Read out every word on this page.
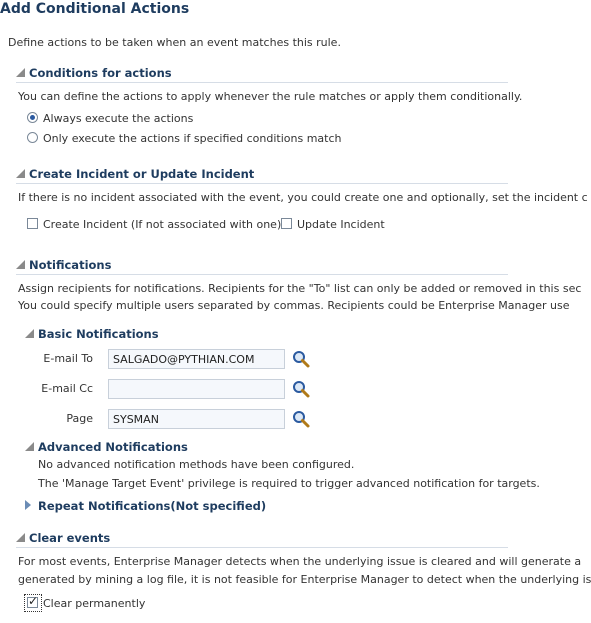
Add Conditional Actions
Define actions to be taken when an event matches this rule.
Conditions for actions
You can define the actions to apply whenever the rule matches or apply them conditionally.
Always execute the actions
Only execute the actions if specified conditions match
Create Incident or Update Incident
If there is no incident associated with the event, you could create one and optionally, set the incident c
Create Incident (If not associated with one) Update Incident
Notifications
Assign recipients for notifications. Recipients for the "To" list can only be added or removed in this sec
You could specify multiple users separated by commas. Recipients could be Enterprise Manager use
Basic Notifications
E-mail To	SALGADO@PYTHIAN.COM
E-mail Cc
Page	SYSMAN
Advanced Notifications
No advanced notification methods have been configured.
The 'Manage Target Event' privilege is required to trigger advanced notification for targets.
Repeat Notifications(Not specified)
Clear events
For most events, Enterprise Manager detects when the underlying issue is cleared and will generate a
generated by mining a log file, it is not feasible for Enterprise Manager to detect when the underlying is
✓ Clear permanently
